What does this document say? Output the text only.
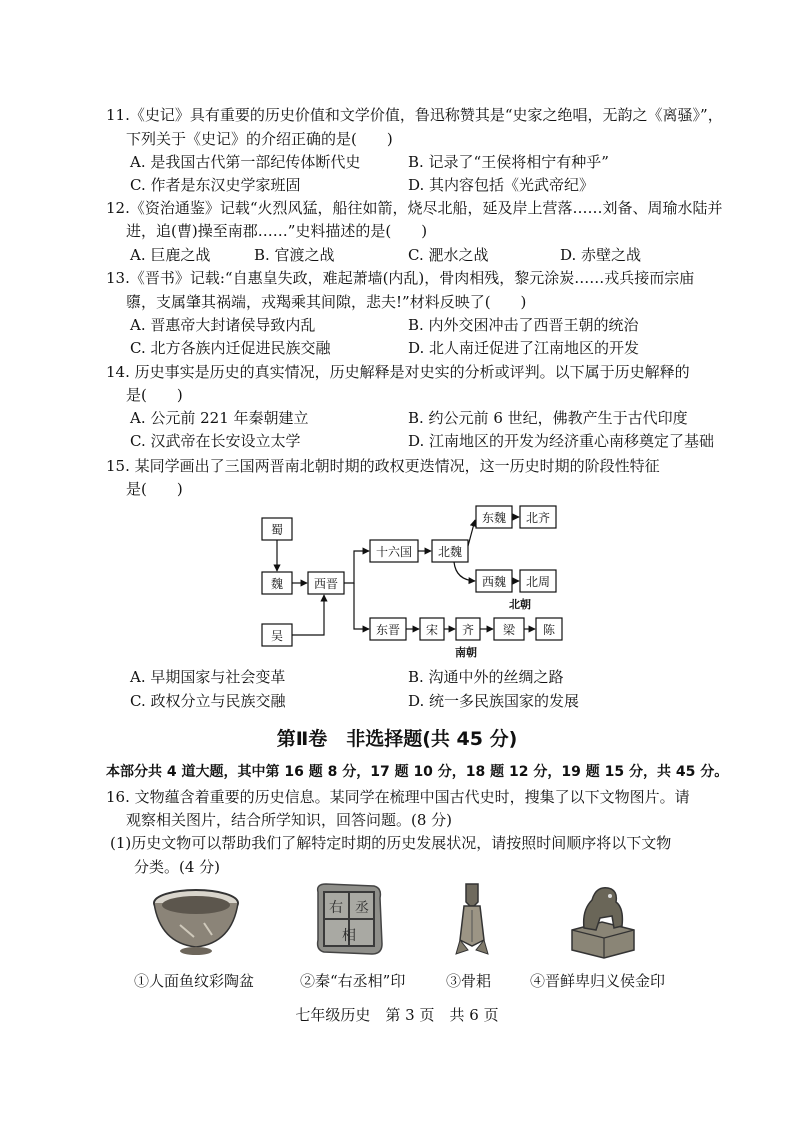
11.《史记》具有重要的历史价值和文学价值，鲁迅称赞其是“史家之绝唱，无韵之《离骚》”，
下列关于《史记》的介绍正确的是(　　)
A. 是我国古代第一部纪传体断代史	B. 记录了“王侯将相宁有种乎”
C. 作者是东汉史学家班固	D. 其内容包括《光武帝纪》
12.《资治通鉴》记载“火烈风猛，船往如箭，烧尽北船，延及岸上营落……刘备、周瑜水陆并
进，追(曹)操至南郡……”史料描述的是(　　)
A. 巨鹿之战	B. 官渡之战	C. 淝水之战	D. 赤壁之战
13.《晋书》记载:“自惠皇失政，难起萧墙(内乱)，骨肉相残，黎元涂炭……戎兵接而宗庙
隳，支属肇其祸端，戎羯乘其间隙，悲夫!”材料反映了(　　)
A. 晋惠帝大封诸侯导致内乱	B. 内外交困冲击了西晋王朝的统治
C. 北方各族内迁促进民族交融	D. 北人南迁促进了江南地区的开发
14. 历史事实是历史的真实情况，历史解释是对史实的分析或评判。以下属于历史解释的
是(　　)
A. 公元前 221 年秦朝建立	B. 约公元前 6 世纪，佛教产生于古代印度
C. 汉武帝在长安设立太学	D. 江南地区的开发为经济重心南移奠定了基础
15. 某同学画出了三国两晋南北朝时期的政权更迭情况，这一历史时期的阶段性特征
是(　　)
蜀
魏
吴
西晋
十六国 北魏
东魏 北齐
西魏 北周
北朝
东晋 宋 齐 梁 陈
南朝
A. 早期国家与社会变革	B. 沟通中外的丝绸之路
C. 政权分立与民族交融	D. 统一多民族国家的发展
第Ⅱ卷　非选择题(共 45 分)
本部分共 4 道大题，其中第 16 题 8 分，17 题 10 分，18 题 12 分，19 题 15 分，共 45 分。
16. 文物蕴含着重要的历史信息。某同学在梳理中国古代史时，搜集了以下文物图片。请
观察相关图片，结合所学知识，回答问题。(8 分)
(1)历史文物可以帮助我们了解特定时期的历史发展状况，请按照时间顺序将以下文物
分类。(4 分)
右 丞
相
①人面鱼纹彩陶盆	②秦“右丞相”印	③骨耜	④晋鲜卑归义侯金印
七年级历史　第 3 页　共 6 页
